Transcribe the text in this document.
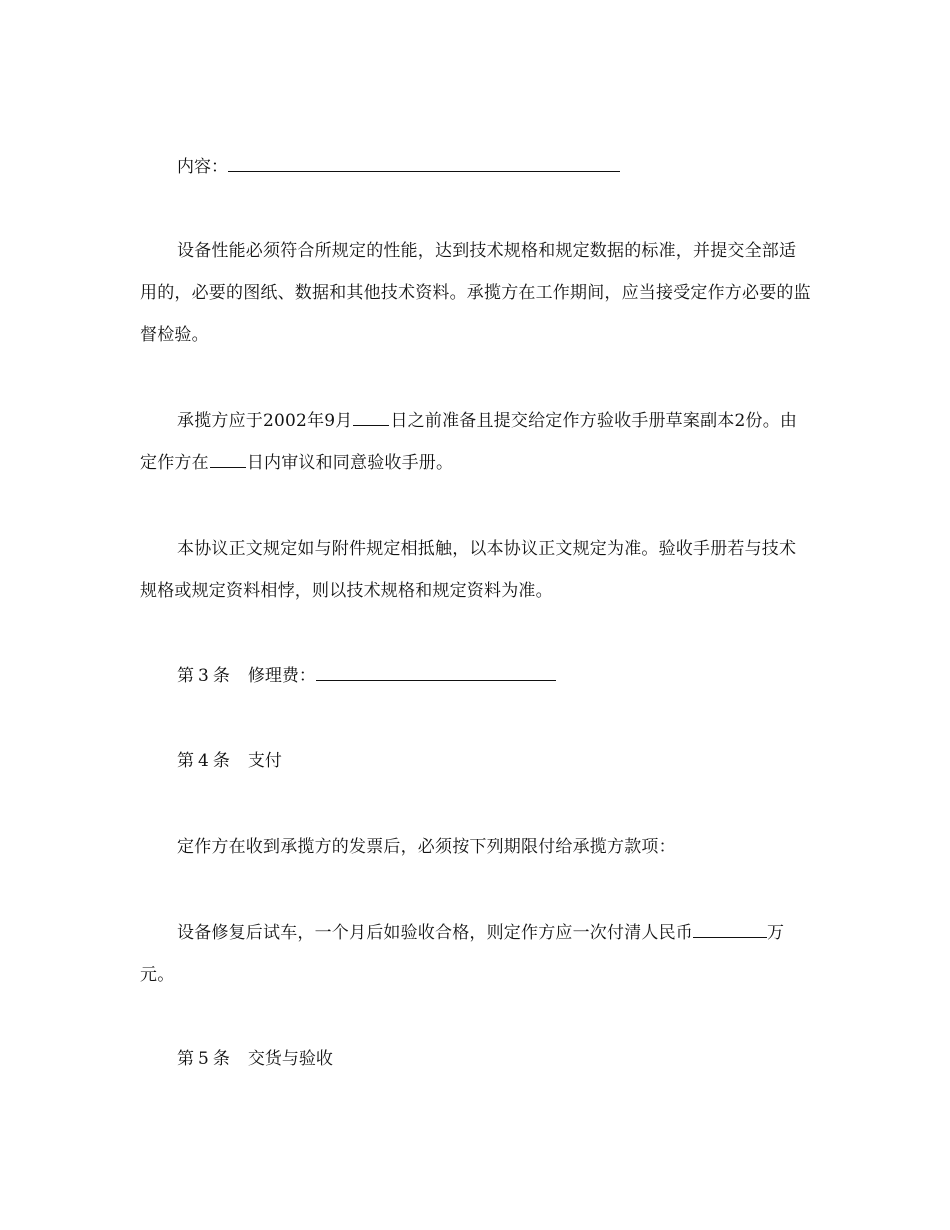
内容：

设备性能必须符合所规定的性能，达到技术规格和规定数据的标准，并提交全部适用的，必要的图纸、数据和其他技术资料。承揽方在工作期间，应当接受定作方必要的监督检验。

承揽方应于2002年9月 日之前准备且提交给定作方验收手册草案副本2份。由定作方在 日内审议和同意验收手册。

本协议正文规定如与附件规定相抵触，以本协议正文规定为准。验收手册若与技术规格或规定资料相悖，则以技术规格和规定资料为准。

第 3 条 修理费：

第 4 条 支付

定作方在收到承揽方的发票后，必须按下列期限付给承揽方款项：

设备修复后试车，一个月后如验收合格，则定作方应一次付清人民币	万元。

第 5 条 交货与验收
